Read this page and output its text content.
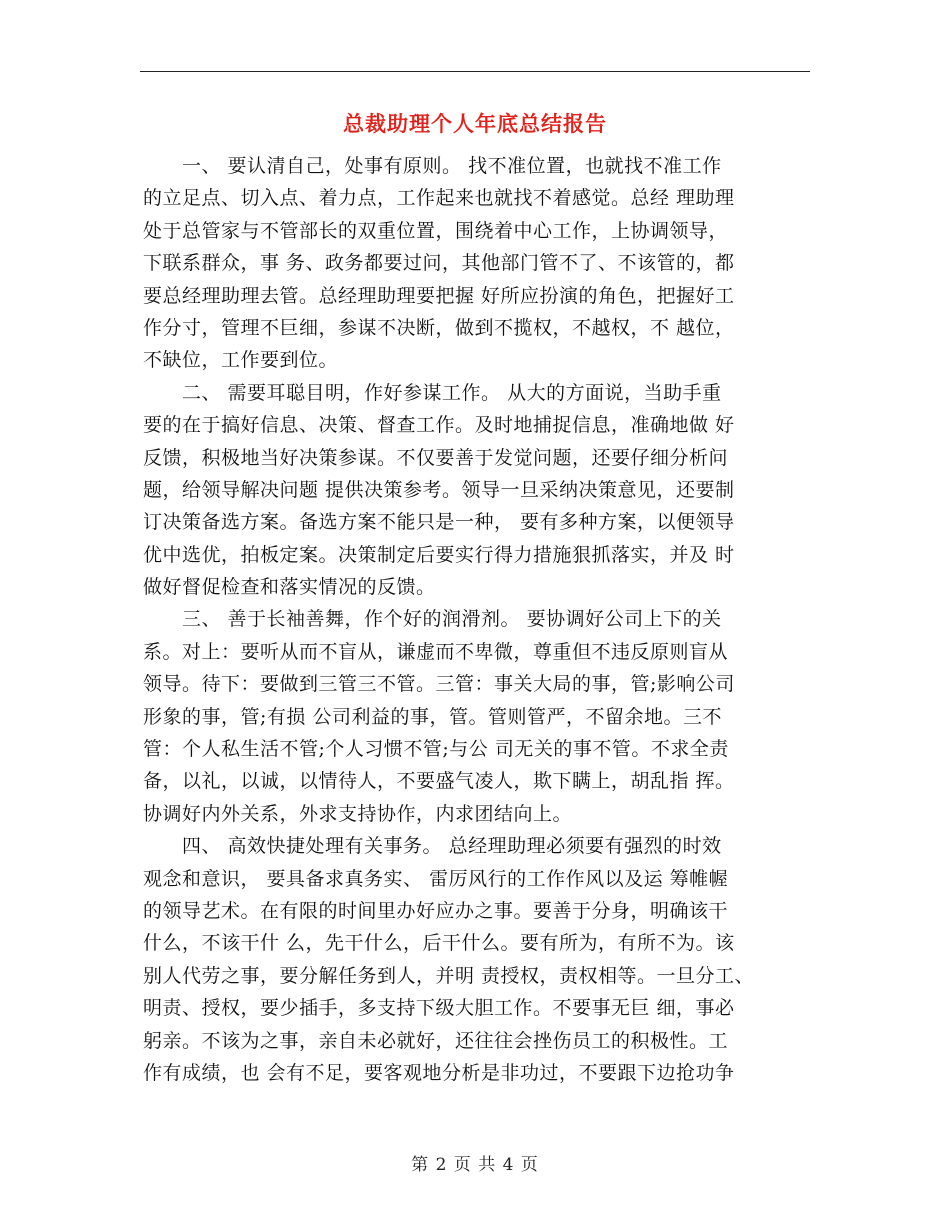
总裁助理个人年底总结报告
　　一、 要认清自己，处事有原则。 找不准位置，也就找不准工作
的立足点、切入点、着力点，工作起来也就找不着感觉。总经 理助理
处于总管家与不管部长的双重位置，围绕着中心工作，上协调领导，
下联系群众，事 务、政务都要过问，其他部门管不了、不该管的，都
要总经理助理去管。总经理助理要把握 好所应扮演的角色，把握好工
作分寸，管理不巨细，参谋不决断，做到不揽权，不越权，不 越位，
不缺位，工作要到位。
　　二、 需要耳聪目明，作好参谋工作。 从大的方面说，当助手重
要的在于搞好信息、决策、督查工作。及时地捕捉信息，准确地做 好
反馈，积极地当好决策参谋。不仅要善于发觉问题，还要仔细分析问
题，给领导解决问题 提供决策参考。领导一旦采纳决策意见，还要制
订决策备选方案。备选方案不能只是一种， 要有多种方案，以便领导
优中选优，拍板定案。决策制定后要实行得力措施狠抓落实，并及 时
做好督促检查和落实情况的反馈。
　　三、 善于长袖善舞，作个好的润滑剂。 要协调好公司上下的关
系。对上：要听从而不盲从，谦虚而不卑微，尊重但不违反原则盲从
领导。待下：要做到三管三不管。三管：事关大局的事，管;影响公司
形象的事，管;有损 公司利益的事，管。管则管严，不留余地。三不
管：个人私生活不管;个人习惯不管;与公 司无关的事不管。不求全责
备，以礼，以诚，以情待人，不要盛气凌人，欺下瞒上，胡乱指 挥。
协调好内外关系，外求支持协作，内求团结向上。
　　四、 高效快捷处理有关事务。 总经理助理必须要有强烈的时效
观念和意识， 要具备求真务实、 雷厉风行的工作作风以及运 筹帷幄
的领导艺术。在有限的时间里办好应办之事。要善于分身，明确该干
什么，不该干什 么，先干什么，后干什么。要有所为，有所不为。该
别人代劳之事，要分解任务到人，并明 责授权，责权相等。一旦分工、
明责、授权，要少插手，多支持下级大胆工作。不要事无巨 细，事必
躬亲。不该为之事，亲自未必就好，还往往会挫伤员工的积极性。工
作有成绩，也 会有不足，要客观地分析是非功过，不要跟下边抢功争
第 2 页 共 4 页
